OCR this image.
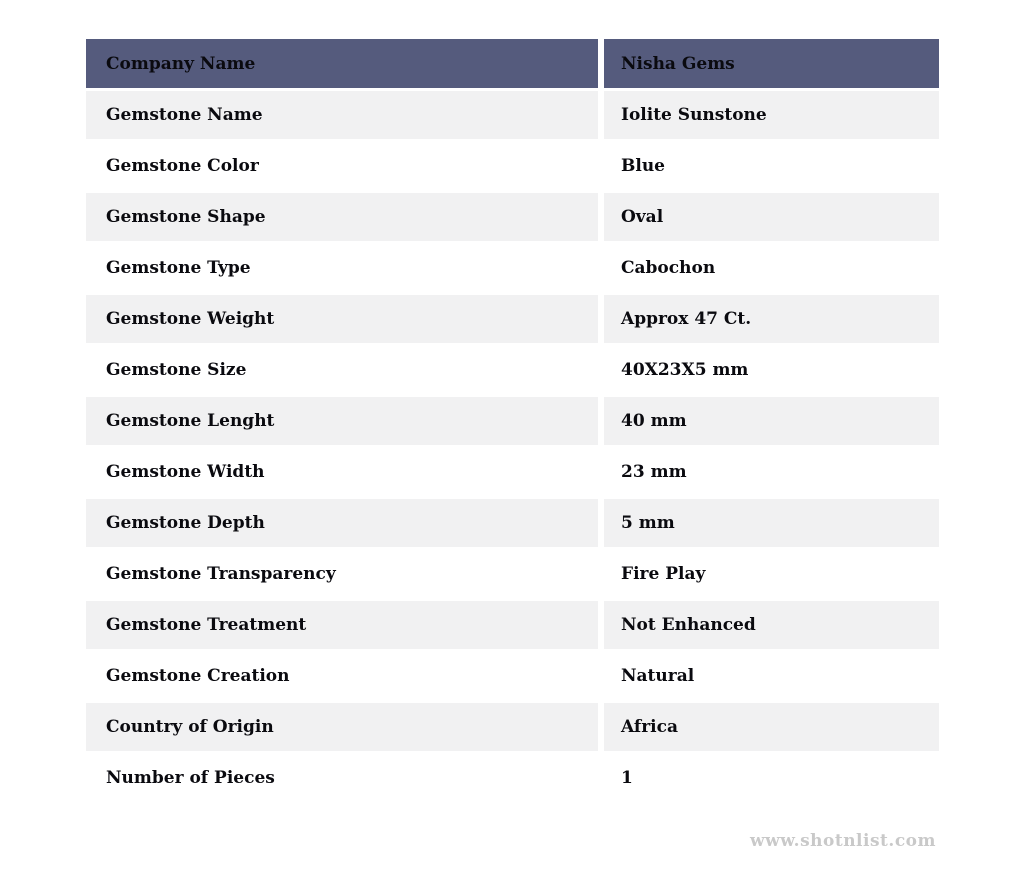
Company Name	Nisha Gems
Gemstone Name	Iolite Sunstone
Gemstone Color	Blue
Gemstone Shape	Oval
Gemstone Type	Cabochon
Gemstone Weight	Approx 47 Ct.
Gemstone Size	40X23X5 mm
Gemstone Lenght	40 mm
Gemstone Width	23 mm
Gemstone Depth	5 mm
Gemstone Transparency	Fire Play
Gemstone Treatment	Not Enhanced
Gemstone Creation	Natural
Country of Origin	Africa
Number of Pieces	1
www.shotnlist.com
